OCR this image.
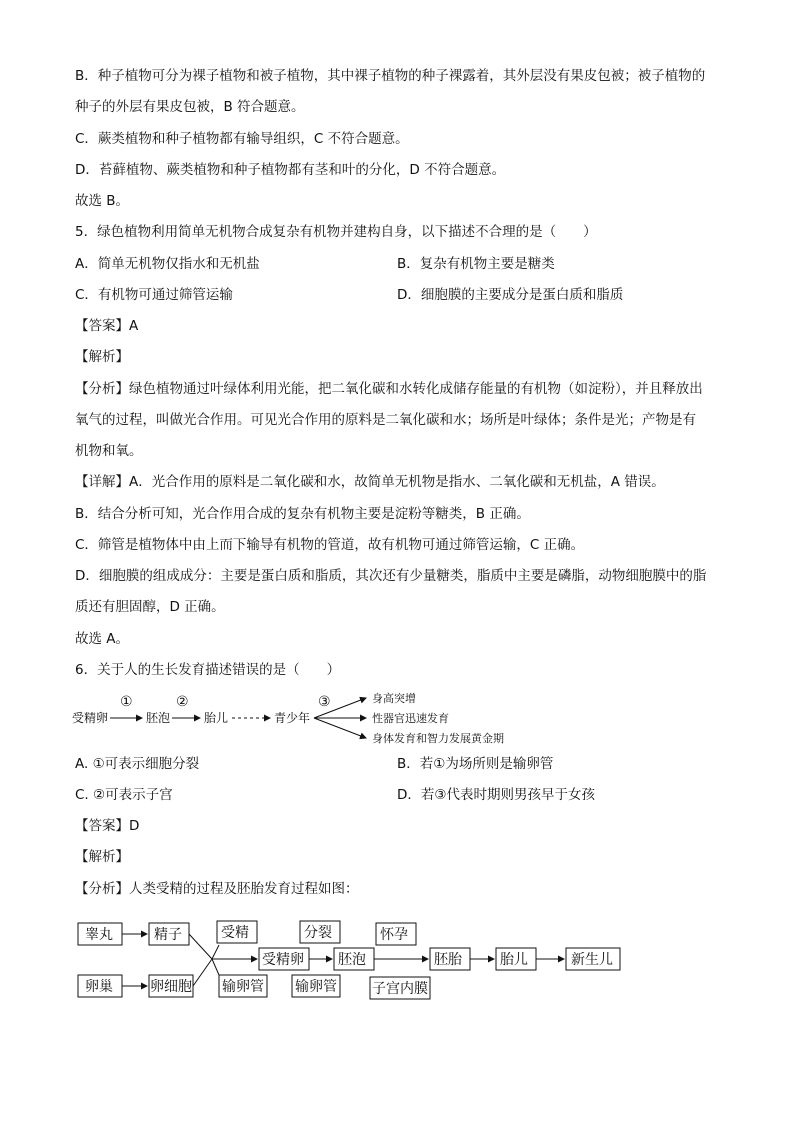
B．种子植物可分为裸子植物和被子植物，其中裸子植物的种子裸露着，其外层没有果皮包被；被子植物的
种子的外层有果皮包被，B 符合题意。
C．蕨类植物和种子植物都有输导组织，C 不符合题意。
D．苔藓植物、蕨类植物和种子植物都有茎和叶的分化，D 不符合题意。
故选 B。
5．绿色植物利用简单无机物合成复杂有机物并建构自身，以下描述不合理的是（　　）
A．简单无机物仅指水和无机盐	B．复杂有机物主要是糖类
C．有机物可通过筛管运输	D．细胞膜的主要成分是蛋白质和脂质
【答案】A
【解析】
【分析】绿色植物通过叶绿体利用光能，把二氧化碳和水转化成储存能量的有机物（如淀粉），并且释放出
氧气的过程，叫做光合作用。可见光合作用的原料是二氧化碳和水；场所是叶绿体；条件是光；产物是有
机物和氧。
【详解】A．光合作用的原料是二氧化碳和水，故简单无机物是指水、二氧化碳和无机盐，A 错误。
B．结合分析可知，光合作用合成的复杂有机物主要是淀粉等糖类，B 正确。
C．筛管是植物体中由上而下输导有机物的管道，故有机物可通过筛管运输，C 正确。
D．细胞膜的组成成分：主要是蛋白质和脂质，其次还有少量糖类，脂质中主要是磷脂，动物细胞膜中的脂
质还有胆固醇，D 正确。
故选 A。
6．关于人的生长发育描述错误的是（　　）
受精卵
①
胚泡
②
胎儿	青少年
③	身高突增
性器官迅速发育
身体发育和智力发展黄金期
A. ①可表示细胞分裂	B．若①为场所则是输卵管
C. ②可表示子宫	D．若③代表时期则男孩早于女孩
【答案】D
【解析】
【分析】人类受精的过程及胚胎发育过程如图：
睾丸	精子
卵巢	卵细胞
受精
输卵管
受精卵
分裂
输卵管
胚泡
怀孕
子宫内膜
胚胎	胎儿	新生儿
